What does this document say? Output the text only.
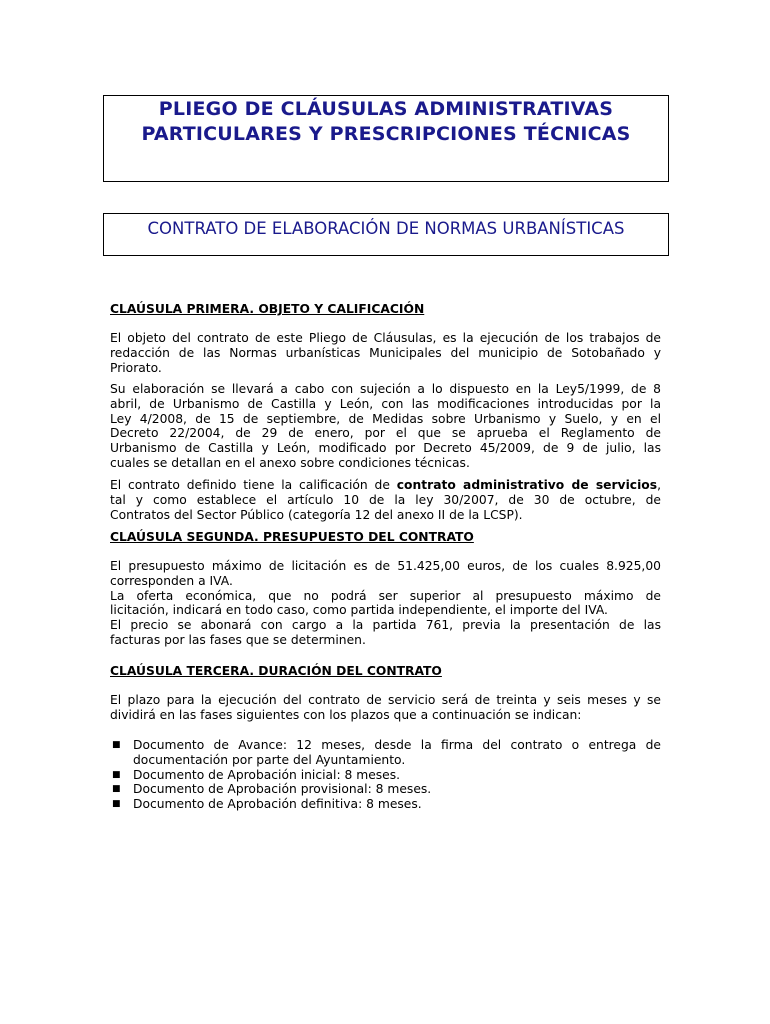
PLIEGO DE CLÁUSULAS ADMINISTRATIVAS
PARTICULARES Y PRESCRIPCIONES TÉCNICAS
CONTRATO DE ELABORACIÓN DE NORMAS URBANÍSTICAS
CLAÚSULA PRIMERA. OBJETO Y CALIFICACIÓN
El objeto del contrato de este Pliego de Cláusulas, es la ejecución de los trabajos de
redacción de las Normas urbanísticas Municipales del municipio de Sotobañado y
Priorato.
Su elaboración se llevará a cabo con sujeción a lo dispuesto en la Ley5/1999, de 8
abril, de Urbanismo de Castilla y León, con las modificaciones introducidas por la
Ley 4/2008, de 15 de septiembre, de Medidas sobre Urbanismo y Suelo, y en el
Decreto 22/2004, de 29 de enero, por el que se aprueba el Reglamento de
Urbanismo de Castilla y León, modificado por Decreto 45/2009, de 9 de julio, las
cuales se detallan en el anexo sobre condiciones técnicas.
El contrato definido tiene la calificación de contrato administrativo de servicios,
tal y como establece el artículo 10 de la ley 30/2007, de 30 de octubre, de
Contratos del Sector Público (categoría 12 del anexo II de la LCSP).
CLAÚSULA SEGUNDA. PRESUPUESTO DEL CONTRATO
El presupuesto máximo de licitación es de 51.425,00 euros, de los cuales 8.925,00
corresponden a IVA.
La oferta económica, que no podrá ser superior al presupuesto máximo de
licitación, indicará en todo caso, como partida independiente, el importe del IVA.
El precio se abonará con cargo a la partida 761, previa la presentación de las
facturas por las fases que se determinen.
CLAÚSULA TERCERA. DURACIÓN DEL CONTRATO
El plazo para la ejecución del contrato de servicio será de treinta y seis meses y se
dividirá en las fases siguientes con los plazos que a continuación se indican:
■ Documento de Avance: 12 meses, desde la firma del contrato o entrega de
documentación por parte del Ayuntamiento.
■ Documento de Aprobación inicial: 8 meses.
■ Documento de Aprobación provisional: 8 meses.
■ Documento de Aprobación definitiva: 8 meses.
